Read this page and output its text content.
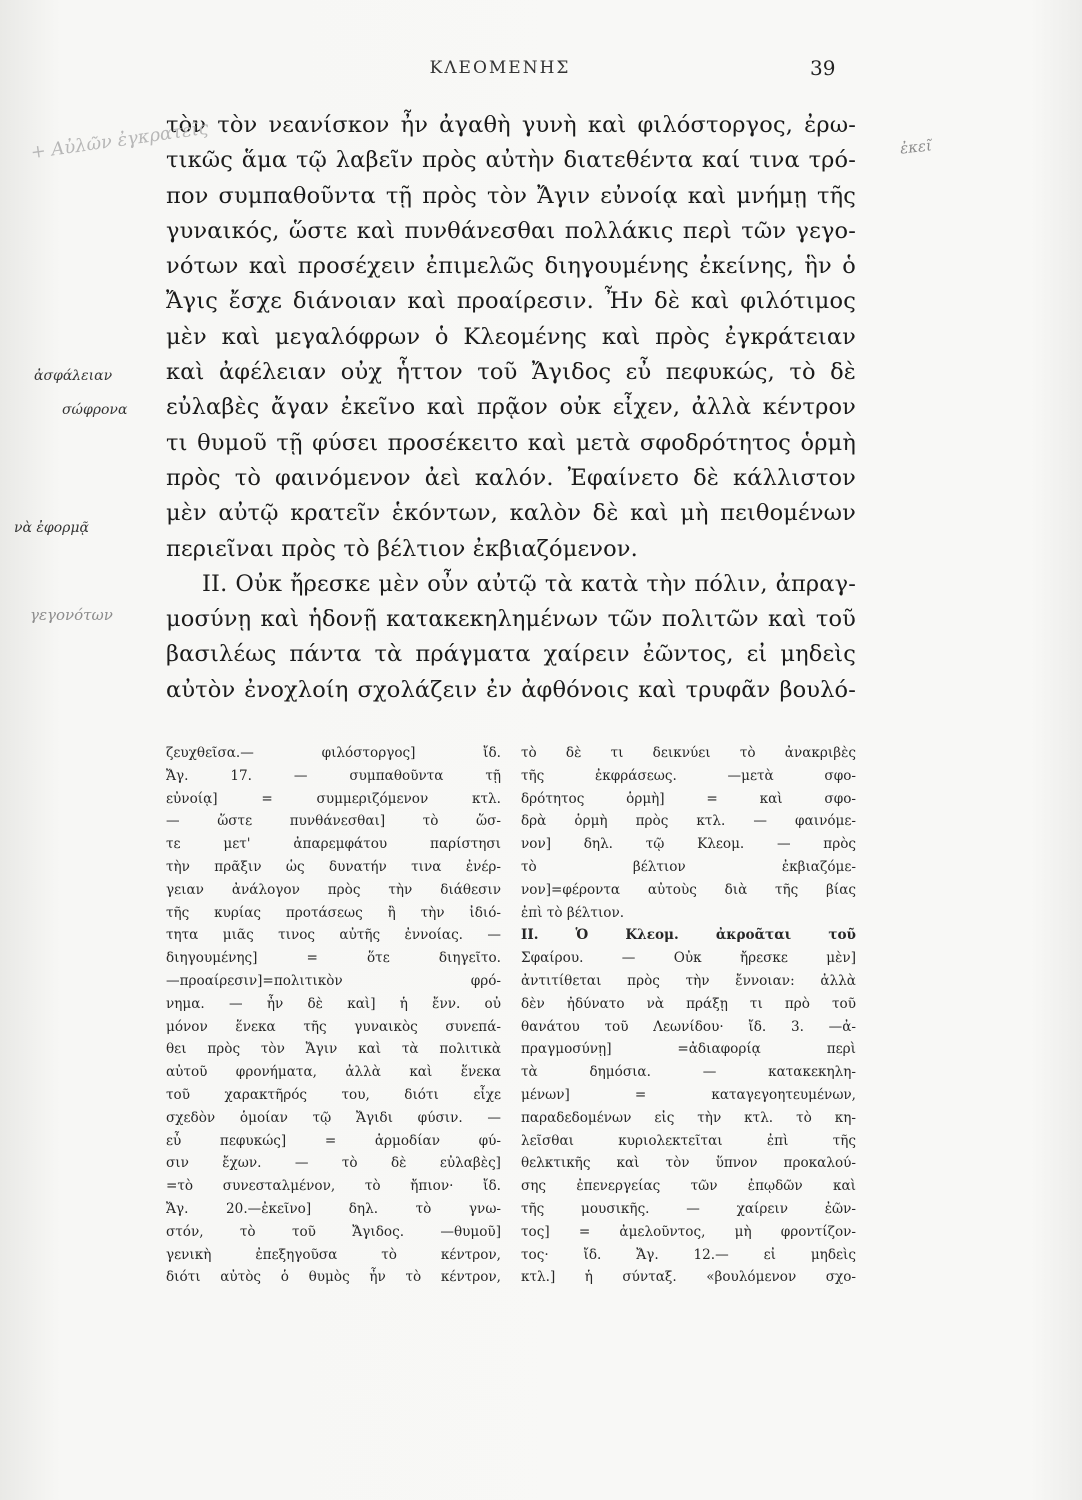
ΚΛΕΟΜΕΝΗΣ	39
τὸν τὸν νεανίσκον ἦν ἀγαθὴ γυνὴ καὶ φιλόστοργος, ἐρω-
τικῶς ἅμα τῷ λαβεῖν πρὸς αὐτὴν διατεθέντα καί τινα τρό-
πον συμπαθοῦντα τῇ πρὸς τὸν Ἄγιν εὐνοίᾳ καὶ μνήμῃ τῆς
γυναικός, ὥστε καὶ πυνθάνεσθαι πολλάκις περὶ τῶν γεγο-
νότων καὶ προσέχειν ἐπιμελῶς διηγουμένης ἐκείνης, ἣν ὁ
Ἄγις ἔσχε διάνοιαν καὶ προαίρεσιν. Ἦν δὲ καὶ φιλότιμος
μὲν καὶ μεγαλόφρων ὁ Κλεομένης καὶ πρὸς ἐγκράτειαν
καὶ ἀφέλειαν οὐχ ἧττον τοῦ Ἄγιδος εὖ πεφυκώς, τὸ δὲ
εὐλαβὲς ἄγαν ἐκεῖνο καὶ πρᾷον οὐκ εἶχεν, ἀλλὰ κέντρον
τι θυμοῦ τῇ φύσει προσέκειτο καὶ μετὰ σφοδρότητος ὁρμὴ
πρὸς τὸ φαινόμενον ἀεὶ καλόν. Ἐφαίνετο δὲ κάλλιστον
μὲν αὐτῷ κρατεῖν ἑκόντων, καλὸν δὲ καὶ μὴ πειθομένων
περιεῖναι πρὸς τὸ βέλτιον ἐκβιαζόμενον.
II. Οὐκ ἤρεσκε μὲν οὖν αὐτῷ τὰ κατὰ τὴν πόλιν, ἀπραγ-
μοσύνῃ καὶ ἡδονῇ κατακεκηλημένων τῶν πολιτῶν καὶ τοῦ
βασιλέως πάντα τὰ πράγματα χαίρειν ἐῶντος, εἰ μηδεὶς
αὐτὸν ἐνοχλοίη σχολάζειν ἐν ἀφθόνοις καὶ τρυφᾶν βουλό-
ζευχθεῖσα.— φιλόστοργος] ἴδ.
Ἄγ. 17. — συμπαθοῦντα τῇ
εὐνοίᾳ] = συμμεριζόμενον κτλ.
— ὥστε πυνθάνεσθαι] τὸ ὥσ-
τε μετ' ἀπαρεμφάτου παρίστησι
τὴν πρᾶξιν ὡς δυνατήν τινα ἐνέρ-
γειαν ἀνάλογον πρὸς τὴν διάθεσιν
τῆς κυρίας προτάσεως ἢ τὴν ἰδιό-
τητα μιᾶς τινος αὐτῆς ἐννοίας. —
διηγουμένης] = ὅτε διηγεῖτο.
—προαίρεσιν]=πολιτικὸν φρό-
νημα. — ἦν δὲ καὶ] ἡ ἔνν. οὐ
μόνον ἕνεκα τῆς γυναικὸς συνεπά-
θει πρὸς τὸν Ἄγιν καὶ τὰ πολιτικὰ
αὐτοῦ φρονήματα, ἀλλὰ καὶ ἕνεκα
τοῦ χαρακτῆρός του, διότι εἶχε
σχεδὸν ὁμοίαν τῷ Ἄγιδι φύσιν. —
εὖ πεφυκώς] = ἁρμοδίαν φύ-
σιν ἔχων. — τὸ δὲ εὐλαβὲς]
=τὸ συνεσταλμένον, τὸ ἤπιον· ἴδ.
Ἄγ. 20.—ἐκεῖνο] δηλ. τὸ γνω-
στόν, τὸ τοῦ Ἄγιδος. —θυμοῦ]
γενικὴ ἐπεξηγοῦσα τὸ κέντρον,
διότι αὐτὸς ὁ θυμὸς ἦν τὸ κέντρον,
τὸ δὲ τι δεικνύει τὸ ἀνακριβὲς
τῆς ἐκφράσεως. —μετὰ σφο-
δρότητος ὁρμὴ] = καὶ σφο-
δρὰ ὁρμὴ πρὸς κτλ. — φαινόμε-
νον] δηλ. τῷ Κλεομ. — πρὸς
τὸ βέλτιον ἐκβιαζόμε-
νον]=φέροντα αὐτοὺς διὰ τῆς βίας
ἐπὶ τὸ βέλτιον.
II. Ὁ Κλεομ. ἀκροᾶται τοῦ
Σφαίρου. — Οὐκ ἤρεσκε μὲν]
ἀντιτίθεται πρὸς τὴν ἔννοιαν: ἀλλὰ
δὲν ἠδύνατο νὰ πράξῃ τι πρὸ τοῦ
θανάτου τοῦ Λεωνίδου· ἴδ. 3. —ἀ-
πραγμοσύνῃ] =ἀδιαφορίᾳ περὶ
τὰ δημόσια. — κατακεκηλη-
μένων] = καταγεγοητευμένων,
παραδεδομένων εἰς τὴν κτλ. τὸ κη-
λεῖσθαι κυριολεκτεῖται ἐπὶ τῆς
θελκτικῆς καὶ τὸν ὕπνον προκαλού-
σης ἐπενεργείας τῶν ἐπῳδῶν καὶ
τῆς μουσικῆς. — χαίρειν ἐῶν-
τος] = ἀμελοῦντος, μὴ φροντίζον-
τος· ἴδ. Ἄγ. 12.— εἰ μηδεὶς
κτλ.] ἡ σύνταξ. «βουλόμενον σχο-
+ Αὐλῶν ἐγκρατεῖς
ἀσφάλειαν
σώφρονα
νὰ ἐφορμᾷ
γεγονότων
ἐκεῖ
